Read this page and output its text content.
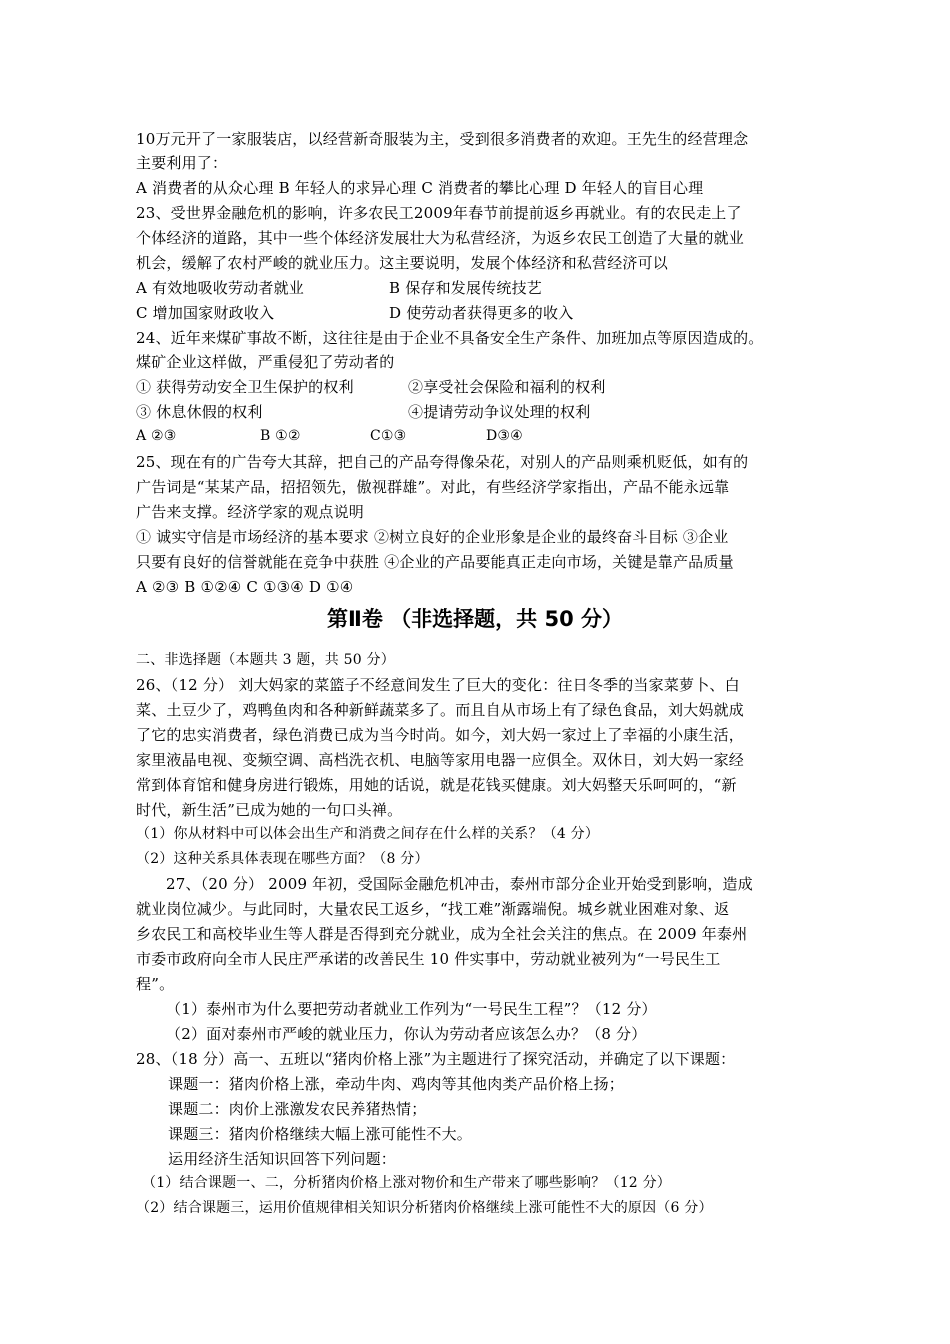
10万元开了一家服装店，以经营新奇服装为主，受到很多消费者的欢迎。王先生的经营理念
主要利用了：
A 消费者的从众心理 B 年轻人的求异心理 C 消费者的攀比心理 D 年轻人的盲目心理
23、受世界金融危机的影响，许多农民工2009年春节前提前返乡再就业。有的农民走上了
个体经济的道路，其中一些个体经济发展壮大为私营经济，为返乡农民工创造了大量的就业
机会，缓解了农村严峻的就业压力。这主要说明，发展个体经济和私营经济可以
A 有效地吸收劳动者就业	B 保存和发展传统技艺
C 增加国家财政收入	D 使劳动者获得更多的收入
24、近年来煤矿事故不断，这往往是由于企业不具备安全生产条件、加班加点等原因造成的。
煤矿企业这样做，严重侵犯了劳动者的
① 获得劳动安全卫生保护的权利	②享受社会保险和福利的权利
③ 休息休假的权利	④提请劳动争议处理的权利
A ②③	B ①②	C①③	D③④
25、现在有的广告夸大其辞，把自己的产品夸得像朵花，对别人的产品则乘机贬低，如有的
广告词是“某某产品，招招领先，傲视群雄”。对此，有些经济学家指出，产品不能永远靠
广告来支撑。经济学家的观点说明
① 诚实守信是市场经济的基本要求 ②树立良好的企业形象是企业的最终奋斗目标 ③企业
只要有良好的信誉就能在竞争中获胜 ④企业的产品要能真正走向市场，关键是靠产品质量
A ②③ B ①②④ C ①③④ D ①④
第Ⅱ卷 （非选择题，共 50 分）
二、非选择题（本题共 3 题，共 50 分）
26、（12 分） 刘大妈家的菜篮子不经意间发生了巨大的变化：往日冬季的当家菜萝卜、白
菜、土豆少了，鸡鸭鱼肉和各种新鲜蔬菜多了。而且自从市场上有了绿色食品，刘大妈就成
了它的忠实消费者，绿色消费已成为当今时尚。如今，刘大妈一家过上了幸福的小康生活，
家里液晶电视、变频空调、高档洗衣机、电脑等家用电器一应俱全。双休日，刘大妈一家经
常到体育馆和健身房进行锻炼，用她的话说，就是花钱买健康。刘大妈整天乐呵呵的，“新
时代，新生活”已成为她的一句口头禅。
（1）你从材料中可以体会出生产和消费之间存在什么样的关系？（4 分）
（2）这种关系具体表现在哪些方面？（8 分）
27、（20 分） 2009 年初，受国际金融危机冲击，泰州市部分企业开始受到影响，造成
就业岗位减少。与此同时，大量农民工返乡，“找工难”渐露端倪。城乡就业困难对象、返
乡农民工和高校毕业生等人群是否得到充分就业，成为全社会关注的焦点。在 2009 年泰州
市委市政府向全市人民庄严承诺的改善民生 10 件实事中，劳动就业被列为“一号民生工
程”。
（1）泰州市为什么要把劳动者就业工作列为“一号民生工程”？（12 分）
（2）面对泰州市严峻的就业压力，你认为劳动者应该怎么办？（8 分）
28、（18 分）高一、五班以“猪肉价格上涨”为主题进行了探究活动，并确定了以下课题：
课题一：猪肉价格上涨，牵动牛肉、鸡肉等其他肉类产品价格上扬；
课题二：肉价上涨激发农民养猪热情；
课题三：猪肉价格继续大幅上涨可能性不大。
运用经济生活知识回答下列问题：
（1）结合课题一、二，分析猪肉价格上涨对物价和生产带来了哪些影响？（12 分）
（2）结合课题三，运用价值规律相关知识分析猪肉价格继续上涨可能性不大的原因（6 分）
